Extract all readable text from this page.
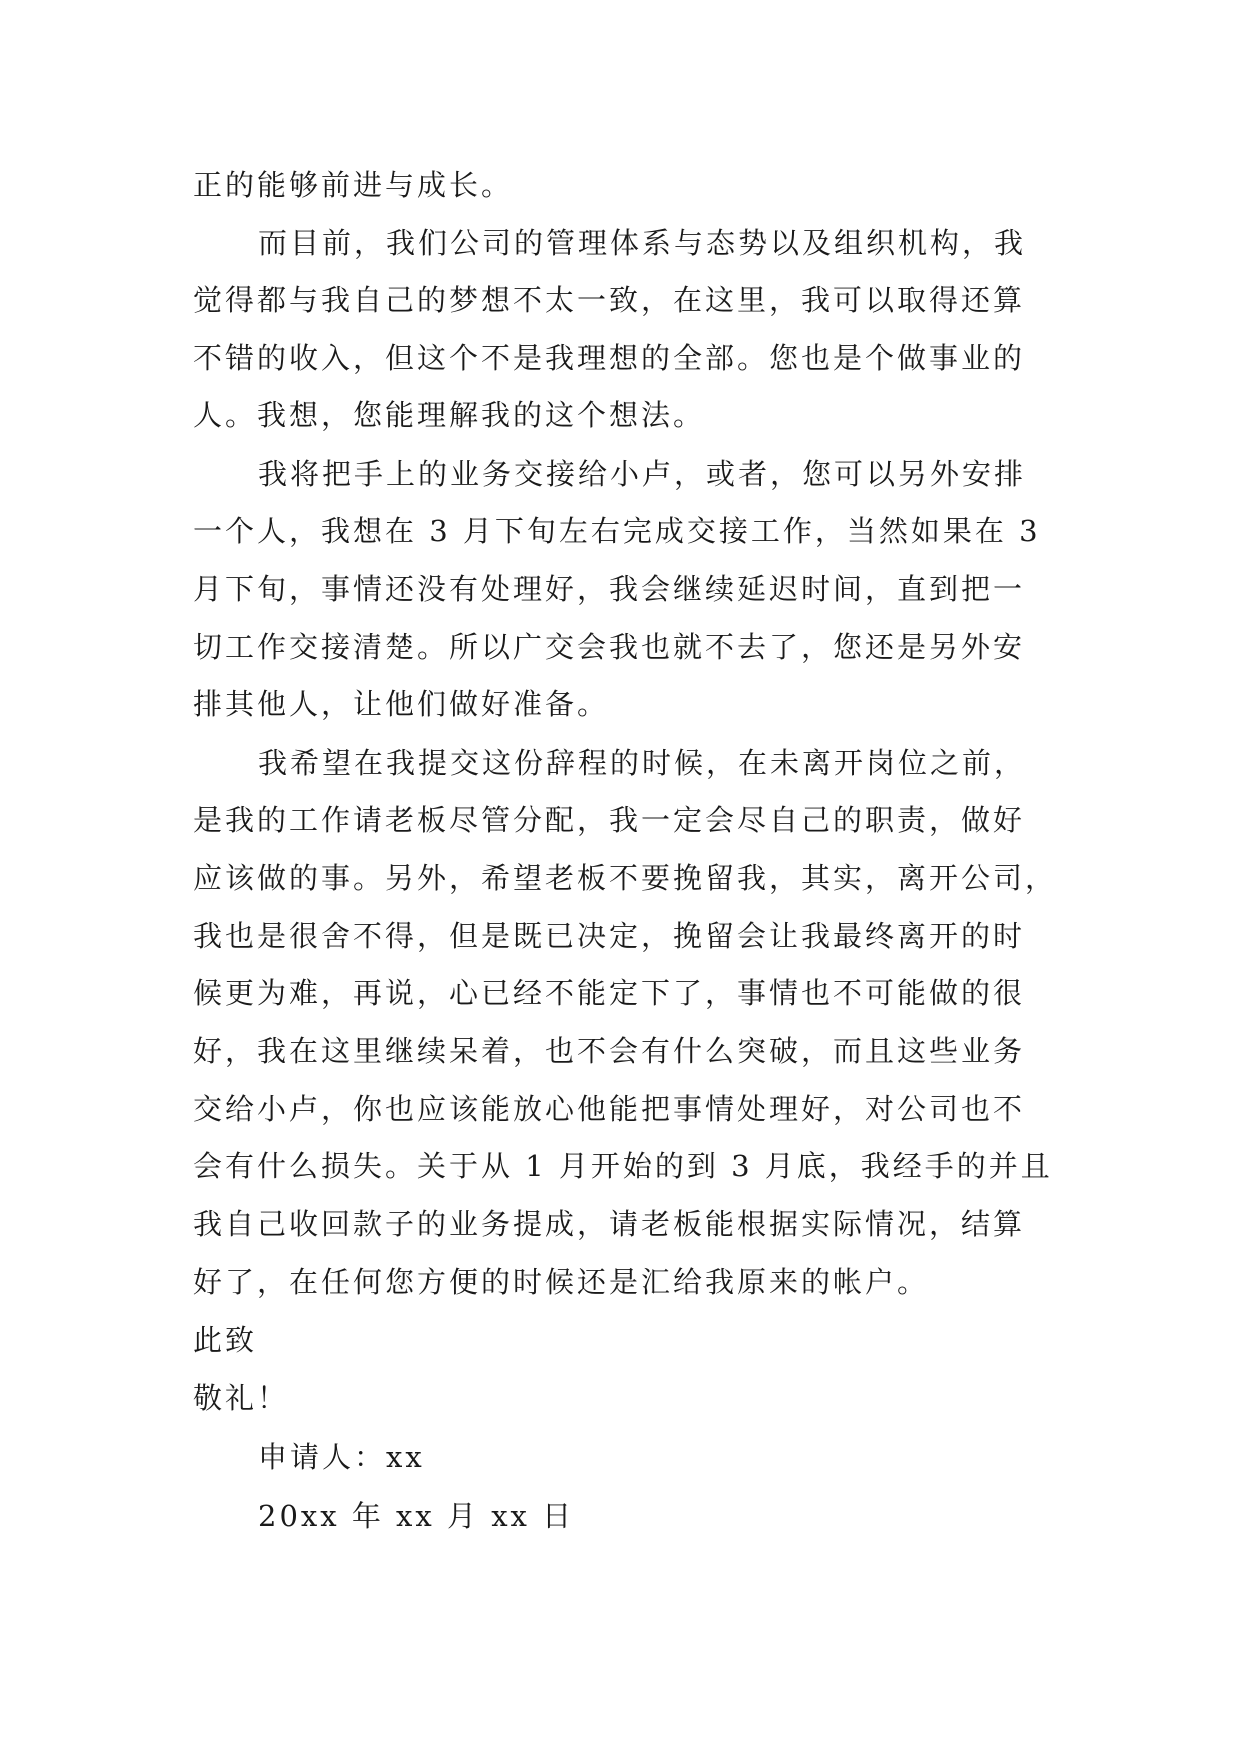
正的能够前进与成长。
而目前，我们公司的管理体系与态势以及组织机构，我
觉得都与我自己的梦想不太一致，在这里，我可以取得还算
不错的收入，但这个不是我理想的全部。您也是个做事业的
人。我想，您能理解我的这个想法。
我将把手上的业务交接给小卢，或者，您可以另外安排
一个人，我想在 3 月下旬左右完成交接工作，当然如果在 3
月下旬，事情还没有处理好，我会继续延迟时间，直到把一
切工作交接清楚。所以广交会我也就不去了，您还是另外安
排其他人，让他们做好准备。
我希望在我提交这份辞程的时候，在未离开岗位之前，
是我的工作请老板尽管分配，我一定会尽自己的职责，做好
应该做的事。另外，希望老板不要挽留我，其实，离开公司，
我也是很舍不得，但是既已决定，挽留会让我最终离开的时
候更为难，再说，心已经不能定下了，事情也不可能做的很
好，我在这里继续呆着，也不会有什么突破，而且这些业务
交给小卢，你也应该能放心他能把事情处理好，对公司也不
会有什么损失。关于从 1 月开始的到 3 月底，我经手的并且
我自己收回款子的业务提成，请老板能根据实际情况，结算
好了，在任何您方便的时候还是汇给我原来的帐户。
此致
敬礼！
申请人：xx
20xx 年 xx 月 xx 日
